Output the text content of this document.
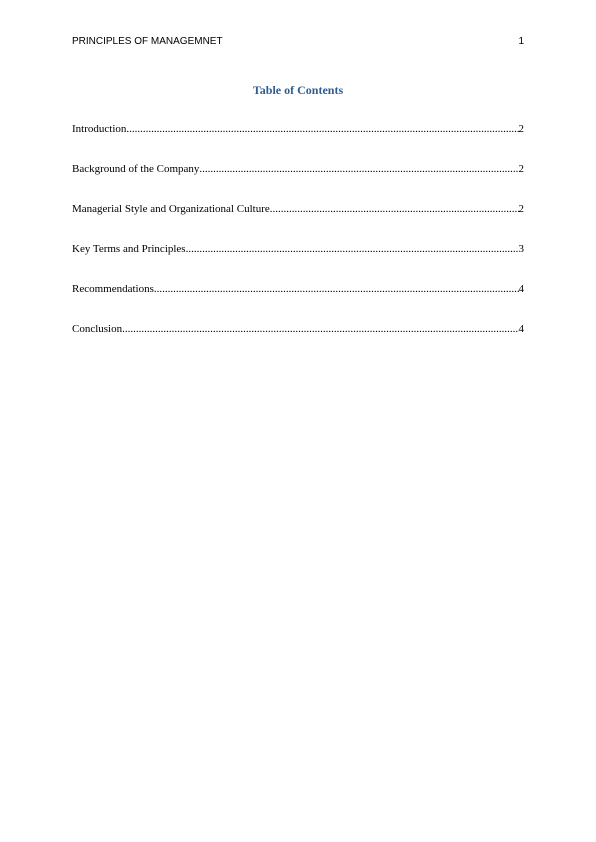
PRINCIPLES OF MANAGEMNET	1
Table of Contents
Introduction .....	2
Background of the Company .....	2
Managerial Style and Organizational Culture .....	2
Key Terms and Principles .....	3
Recommendations .....	4
Conclusion .....	4
